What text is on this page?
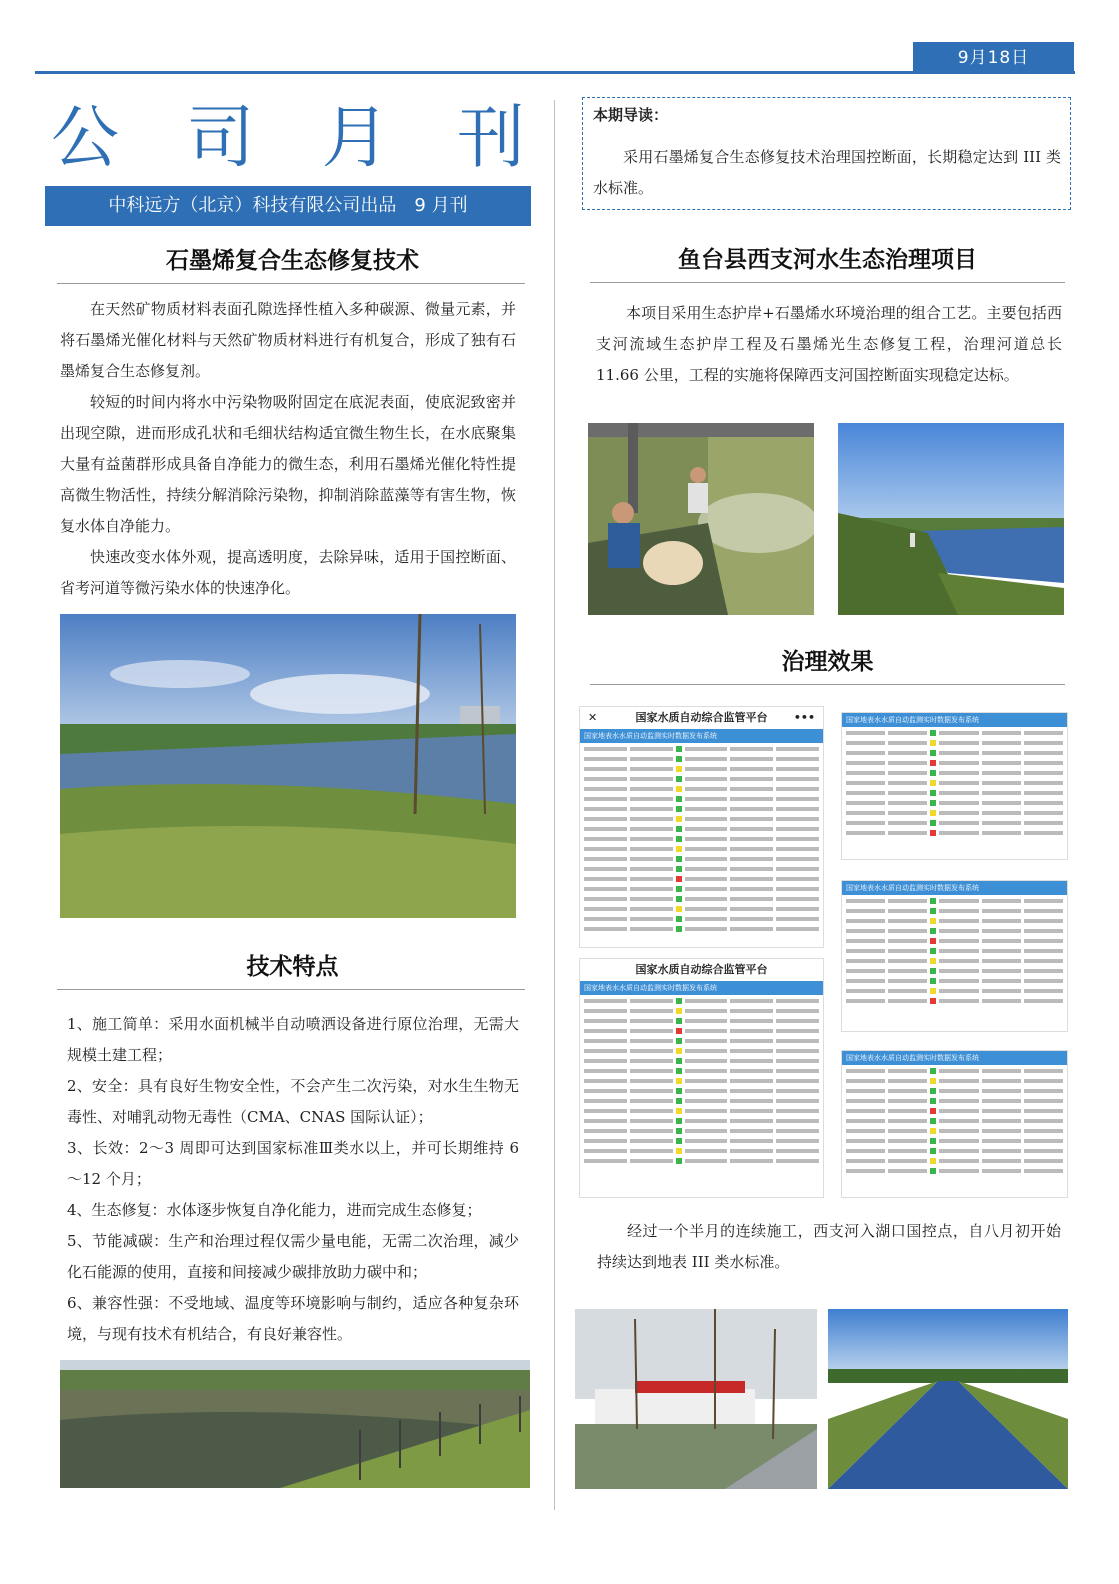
9月18日
公 司 月 刊
中科远方（北京）科技有限公司出品　9 月刊
石墨烯复合生态修复技术

在天然矿物质材料表面孔隙选择性植入多种碳源、微量元素，并将石墨烯光催化材料与天然矿物质材料进行有机复合，形成了独有石墨烯复合生态修复剂。

较短的时间内将水中污染物吸附固定在底泥表面，使底泥致密并出现空隙，进而形成孔状和毛细状结构适宜微生物生长，在水底聚集大量有益菌群形成具备自净能力的微生态，利用石墨烯光催化特性提高微生物活性，持续分解消除污染物，抑制消除蓝藻等有害生物，恢复水体自净能力。

快速改变水体外观，提高透明度，去除异味，适用于国控断面、省考河道等微污染水体的快速净化。

技术特点

1、施工简单：采用水面机械半自动喷洒设备进行原位治理，无需大规模土建工程；

2、安全：具有良好生物安全性，不会产生二次污染，对水生生物无毒性、对哺乳动物无毒性（CMA、CNAS 国际认证）；

3、长效：2～3 周即可达到国家标准Ⅲ类水以上，并可长期维持 6～12 个月；

4、生态修复：水体逐步恢复自净化能力，进而完成生态修复；

5、节能减碳：生产和治理过程仅需少量电能，无需二次治理，减少化石能源的使用，直接和间接减少碳排放助力碳中和；

6、兼容性强：不受地域、温度等环境影响与制约，适应各种复杂环境，与现有技术有机结合，有良好兼容性。

本期导读：
采用石墨烯复合生态修复技术治理国控断面，长期稳定达到 III 类水标准。
鱼台县西支河水生态治理项目

本项目采用生态护岸+石墨烯水环境治理的组合工艺。主要包括西支河流域生态护岸工程及石墨烯光生态修复工程，治理河道总长 11.66 公里，工程的实施将保障西支河国控断面实现稳定达标。

治理效果
✕	国家水质自动综合监管平台 •••
国家地表水水质自动监测实时数据发布系统
国家水质自动综合监管平台
国家地表水水质自动监测实时数据发布系统
国家地表水水质自动监测实时数据发布系统
国家地表水水质自动监测实时数据发布系统
国家地表水水质自动监测实时数据发布系统

经过一个半月的连续施工，西支河入湖口国控点，自八月初开始持续达到地表 III 类水标准。
